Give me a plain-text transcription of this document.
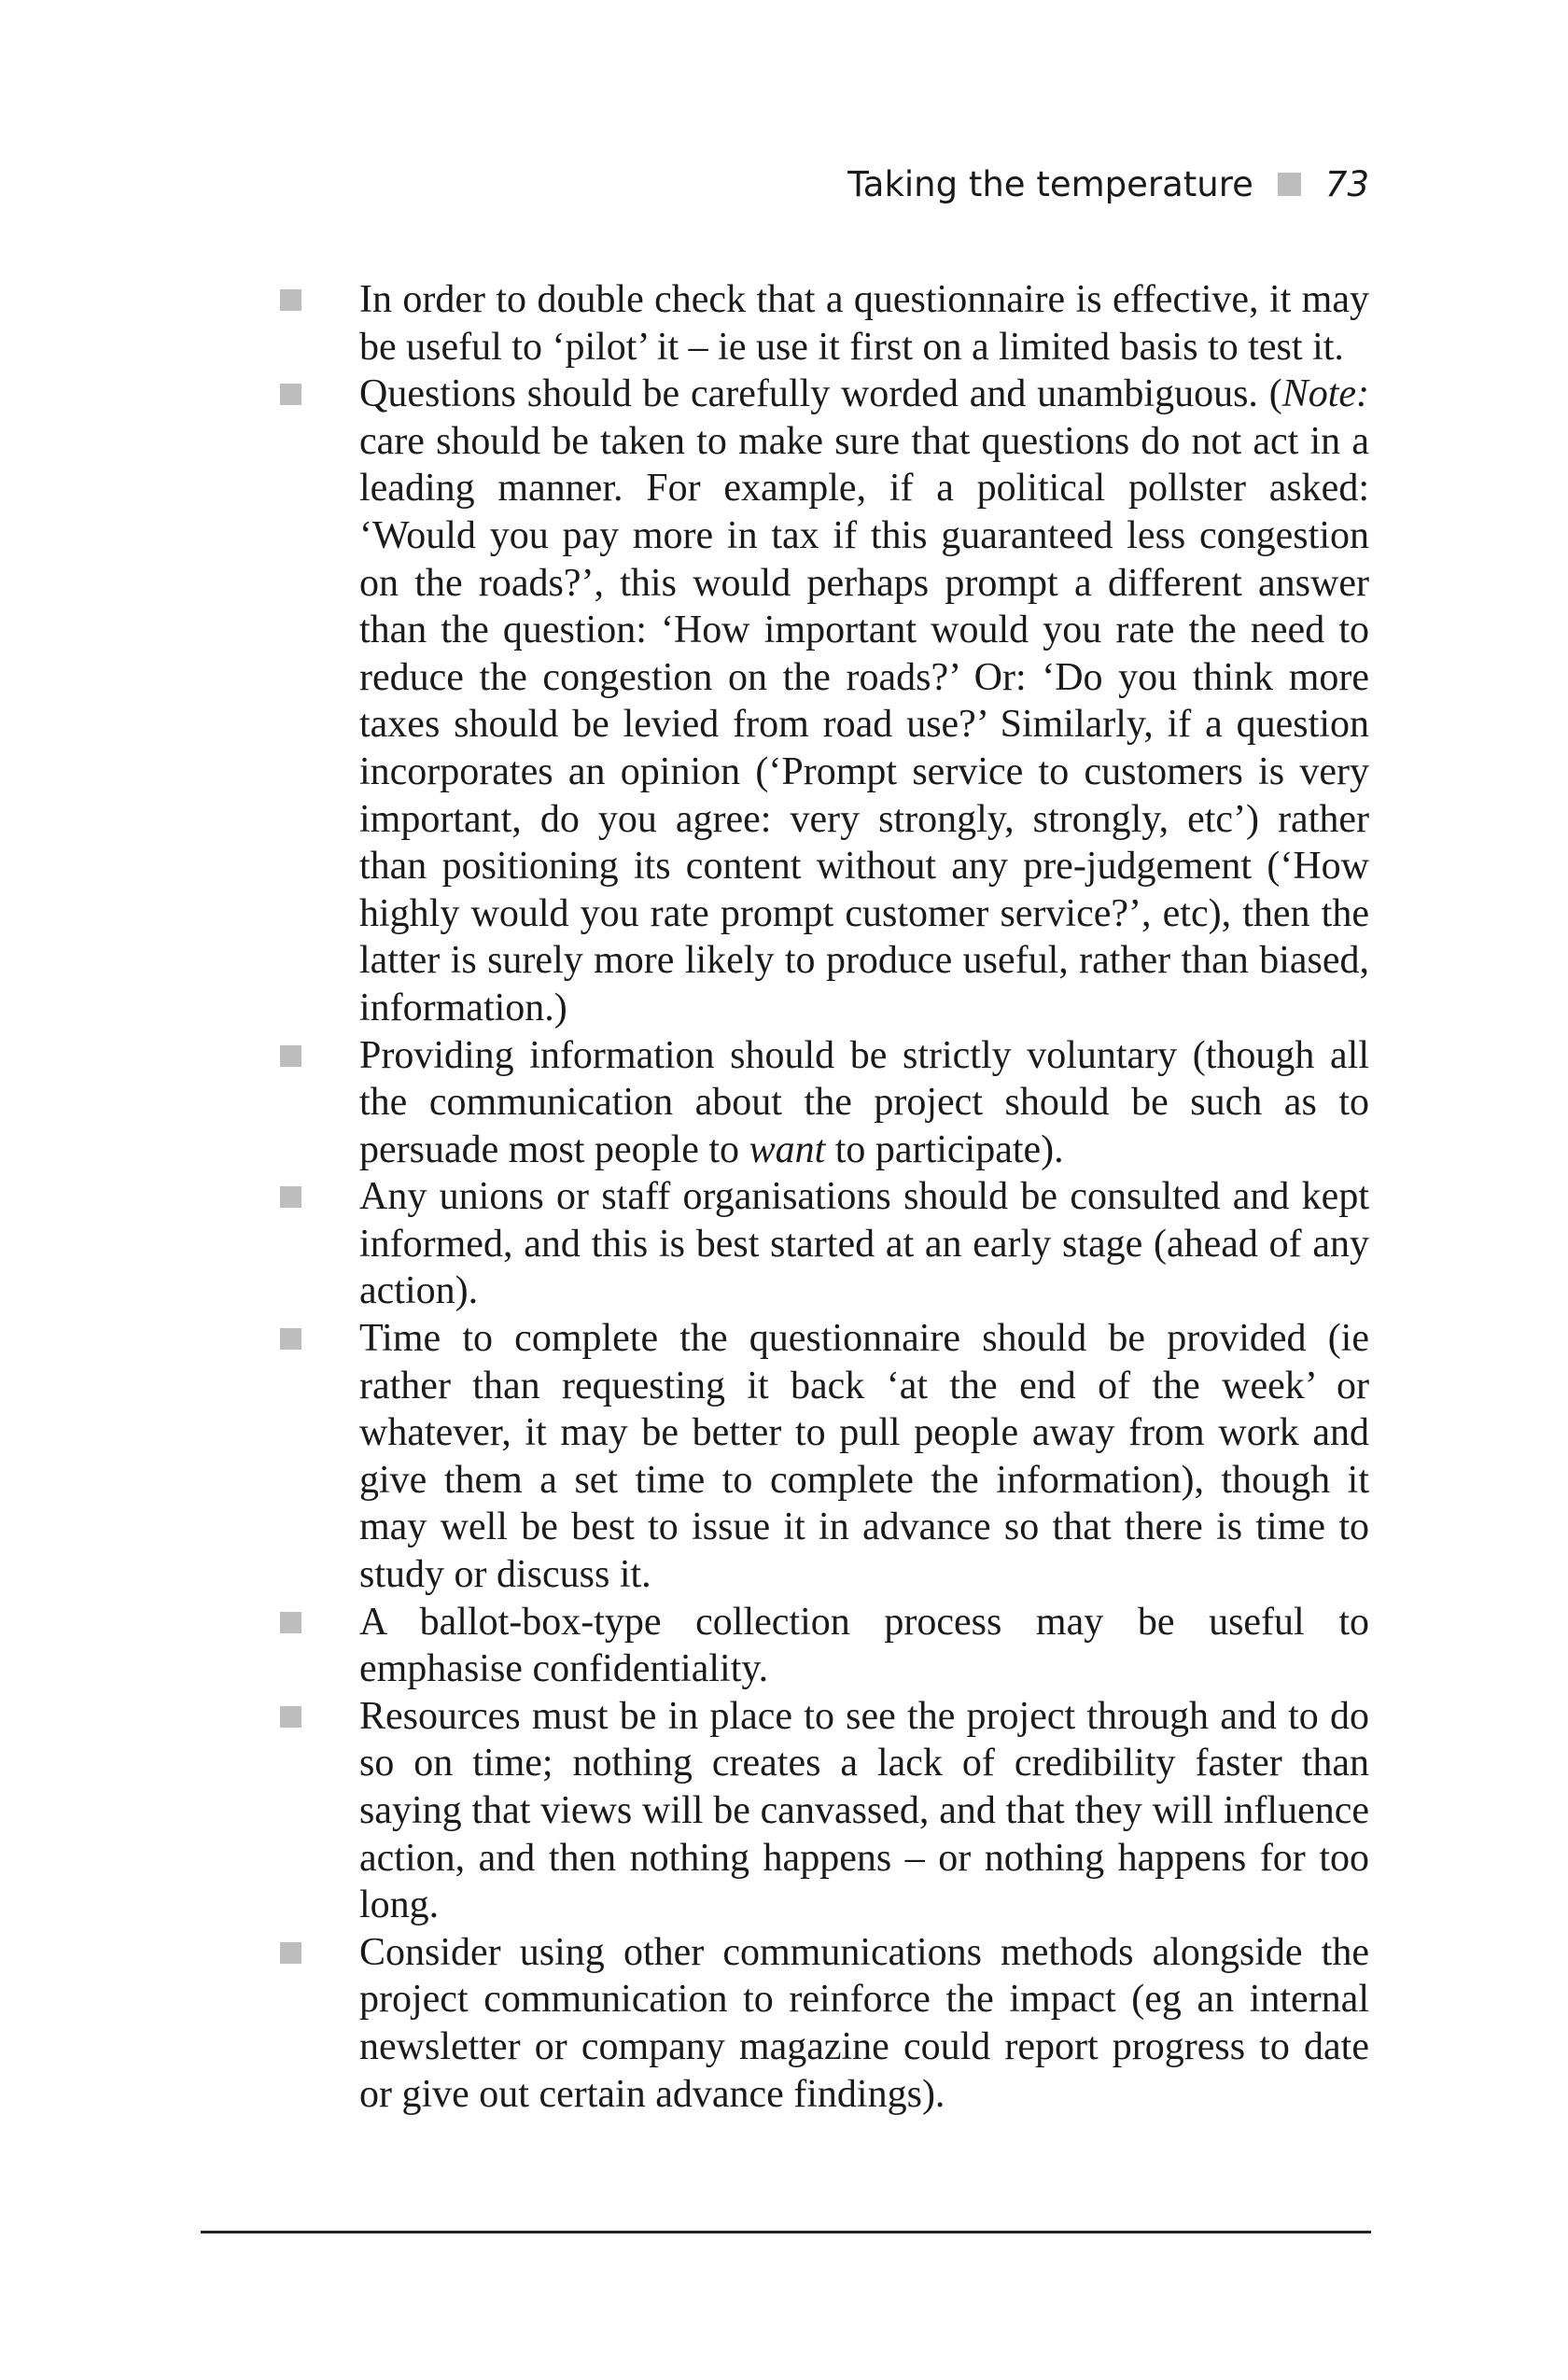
Taking the temperature 73
In order to double check that a questionnaire is effective, it may be useful to ‘pilot’ it – ie use it first on a limited basis to test it.
Questions should be carefully worded and unambiguous. (Note: care should be taken to make sure that questions do not act in a leading manner. For example, if a political pollster asked: ‘Would you pay more in tax if this guaranteed less congestion on the roads?’, this would perhaps prompt a different answer than the question: ‘How important would you rate the need to reduce the congestion on the roads?’ Or: ‘Do you think more taxes should be levied from road use?’ Similarly, if a question incorporates an opinion (‘Prompt service to customers is very important, do you agree: very strongly, strongly, etc’) rather than positioning its content without any pre-judgement (‘How highly would you rate prompt customer service?’, etc), then the latter is surely more likely to produce useful, rather than biased, information.)
Providing information should be strictly voluntary (though all the communication about the project should be such as to persuade most people to want to participate).
Any unions or staff organisations should be consulted and kept informed, and this is best started at an early stage (ahead of any action).
Time to complete the questionnaire should be provided (ie rather than requesting it back ‘at the end of the week’ or whatever, it may be better to pull people away from work and give them a set time to complete the information), though it may well be best to issue it in advance so that there is time to study or discuss it.
A ballot-box-type collection process may be useful to emphasise confidentiality.
Resources must be in place to see the project through and to do so on time; nothing creates a lack of credibility faster than saying that views will be canvassed, and that they will influence action, and then nothing happens – or nothing happens for too long.
Consider using other communications methods alongside the project communication to reinforce the impact (eg an internal newsletter or company magazine could report progress to date or give out certain advance findings).
